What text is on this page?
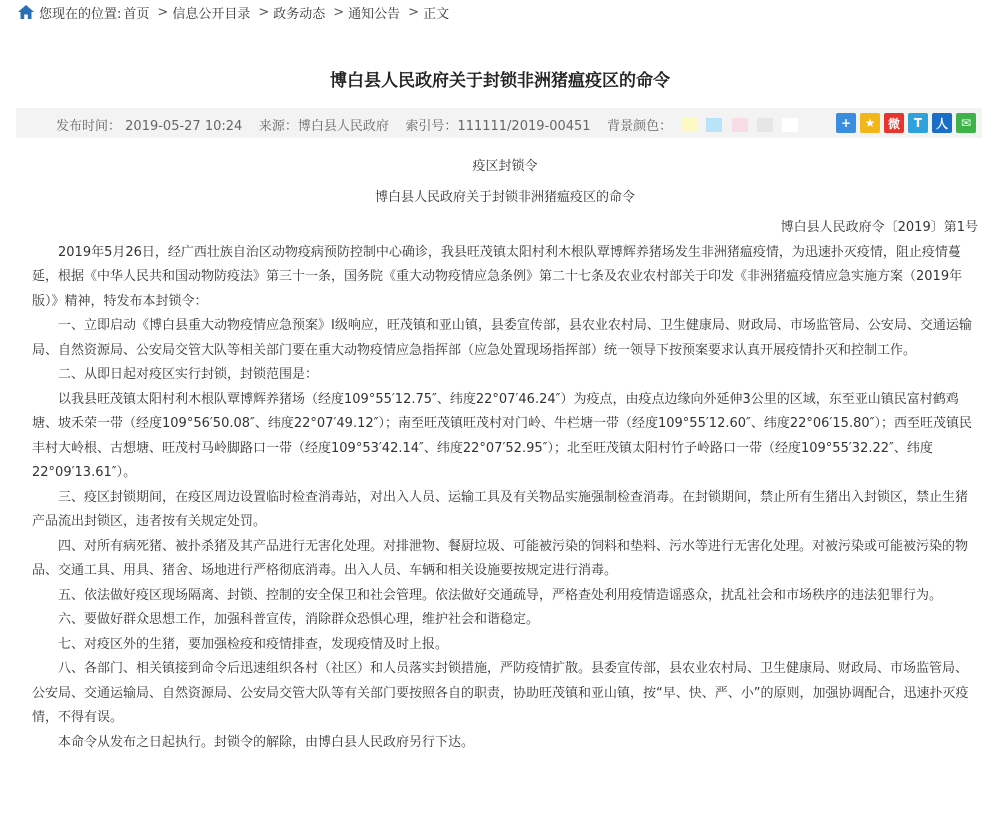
您现在的位置: 首页 > 信息公开目录 > 政务动态 > 通知公告 > 正文
博白县人民政府关于封锁非洲猪瘟疫区的命令
发布时间： 2019-05-27 10:24 来源：博白县人民政府 索引号：111111/2019-00451 背景颜色：	+	★	微	T	人	✉

疫区封锁令

博白县人民政府关于封锁非洲猪瘟疫区的命令

博白县人民政府令〔2019〕第1号

2019年5月26日，经广西壮族自治区动物疫病预防控制中心确诊，我县旺茂镇太阳村利木根队覃博辉养猪场发生非洲猪瘟疫情，为迅速扑灭疫情，阻止疫情蔓延，根据《中华人民共和国动物防疫法》第三十一条，国务院《重大动物疫情应急条例》第二十七条及农业农村部关于印发《非洲猪瘟疫情应急实施方案（2019年版）》精神，特发布本封锁令：

一、立即启动《博白县重大动物疫情应急预案》Ⅰ级响应，旺茂镇和亚山镇，县委宣传部，县农业农村局、卫生健康局、财政局、市场监管局、公安局、交通运输局、自然资源局、公安局交管大队等相关部门要在重大动物疫情应急指挥部（应急处置现场指挥部）统一领导下按预案要求认真开展疫情扑灭和控制工作。

二、从即日起对疫区实行封锁，封锁范围是：

以我县旺茂镇太阳村利木根队覃博辉养猪场（经度109°55′12.75″、纬度22°07′46.24″）为疫点，由疫点边缘向外延伸3公里的区域，东至亚山镇民富村鹤鸡塘、坡禾荣一带（经度109°56′50.08″、纬度22°07′49.12″）；南至旺茂镇旺茂村对门岭、牛栏塘一带（经度109°55′12.60″、纬度22°06′15.80″）；西至旺茂镇民丰村大岭根、古想塘、旺茂村马岭脚路口一带（经度109°53′42.14″、纬度22°07′52.95″）；北至旺茂镇太阳村竹子岭路口一带（经度109°55′32.22″、纬度22°09′13.61″）。

三、疫区封锁期间，在疫区周边设置临时检查消毒站，对出入人员、运输工具及有关物品实施强制检查消毒。在封锁期间，禁止所有生猪出入封锁区，禁止生猪产品流出封锁区，违者按有关规定处罚。

四、对所有病死猪、被扑杀猪及其产品进行无害化处理。对排泄物、餐厨垃圾、可能被污染的饲料和垫料、污水等进行无害化处理。对被污染或可能被污染的物品、交通工具、用具、猪舍、场地进行严格彻底消毒。出入人员、车辆和相关设施要按规定进行消毒。

五、依法做好疫区现场隔离、封锁、控制的安全保卫和社会管理。依法做好交通疏导，严格查处利用疫情造谣惑众，扰乱社会和市场秩序的违法犯罪行为。

六、要做好群众思想工作，加强科普宣传，消除群众恐惧心理，维护社会和谐稳定。

七、对疫区外的生猪，要加强检疫和疫情排查，发现疫情及时上报。

八、各部门、相关镇接到命令后迅速组织各村（社区）和人员落实封锁措施，严防疫情扩散。县委宣传部，县农业农村局、卫生健康局、财政局、市场监管局、公安局、交通运输局、自然资源局、公安局交管大队等有关部门要按照各自的职责，协助旺茂镇和亚山镇，按“早、快、严、小”的原则，加强协调配合，迅速扑灭疫情，不得有误。

本命令从发布之日起执行。封锁令的解除，由博白县人民政府另行下达。
